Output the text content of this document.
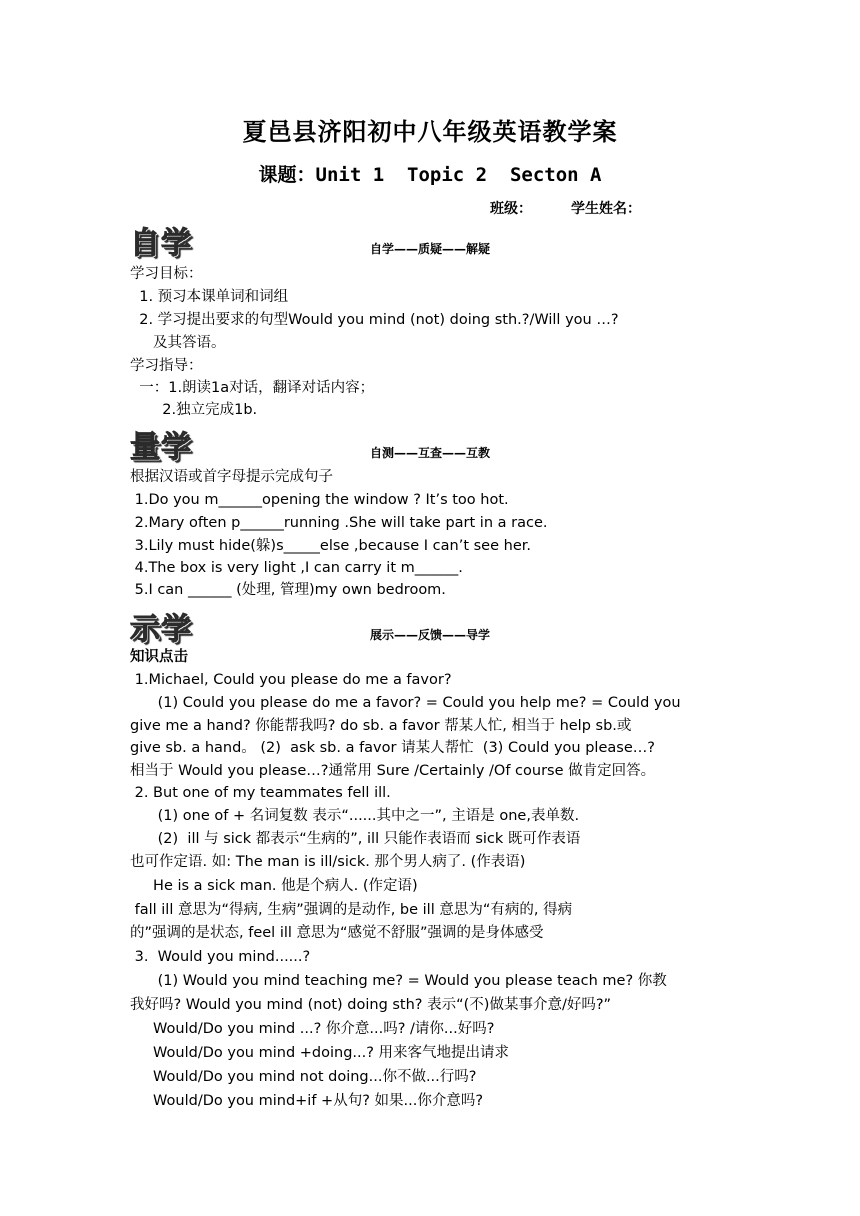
夏邑县济阳初中八年级英语教学案
课题：Unit 1  Topic 2  Secton A
班级：        学生姓名：
自学	自学——质疑——解疑
学习目标：
1. 预习本课单词和词组
2. 学习提出要求的句型Would you mind (not) doing sth.?/Will you …?
及其答语。
学习指导：
一：1.朗读1a对话，翻译对话内容；
2.独立完成1b.
量学	自测——互查——互教
根据汉语或首字母提示完成句子
1.Do you m______opening the window ? It’s too hot.
2.Mary often p______running .She will take part in a race.
3.Lily must hide(躲)s_____else ,because I can’t see her.
4.The box is very light ,I can carry it m______.
5.I can ______ (处理, 管理)my own bedroom.
示学	展示——反馈——导学
知识点击
1.Michael, Could you please do me a favor?
(1) Could you please do me a favor? = Could you help me? = Could you
give me a hand? 你能帮我吗? do sb. a favor 帮某人忙, 相当于 help sb.或
give sb. a hand。 (2)  ask sb. a favor 请某人帮忙  (3) Could you please…?
相当于 Would you please…?通常用 Sure /Certainly /Of course 做肯定回答。
2. But one of my teammates fell ill.
(1) one of + 名词复数 表示“......其中之一”, 主语是 one,表单数.
(2)  ill 与 sick 都表示“生病的”, ill 只能作表语而 sick 既可作表语
也可作定语. 如: The man is ill/sick. 那个男人病了. (作表语)
He is a sick man. 他是个病人. (作定语)
fall ill 意思为“得病, 生病”强调的是动作, be ill 意思为“有病的, 得病
的”强调的是状态, feel ill 意思为“感觉不舒服”强调的是身体感受
3.  Would you mind......?
(1) Would you mind teaching me? = Would you please teach me? 你教
我好吗? Would you mind (not) doing sth? 表示“(不)做某事介意/好吗?”
Would/Do you mind ...? 你介意...吗? /请你...好吗?
Would/Do you mind +doing...? 用来客气地提出请求
Would/Do you mind not doing...你不做...行吗?
Would/Do you mind+if +从句? 如果...你介意吗?
